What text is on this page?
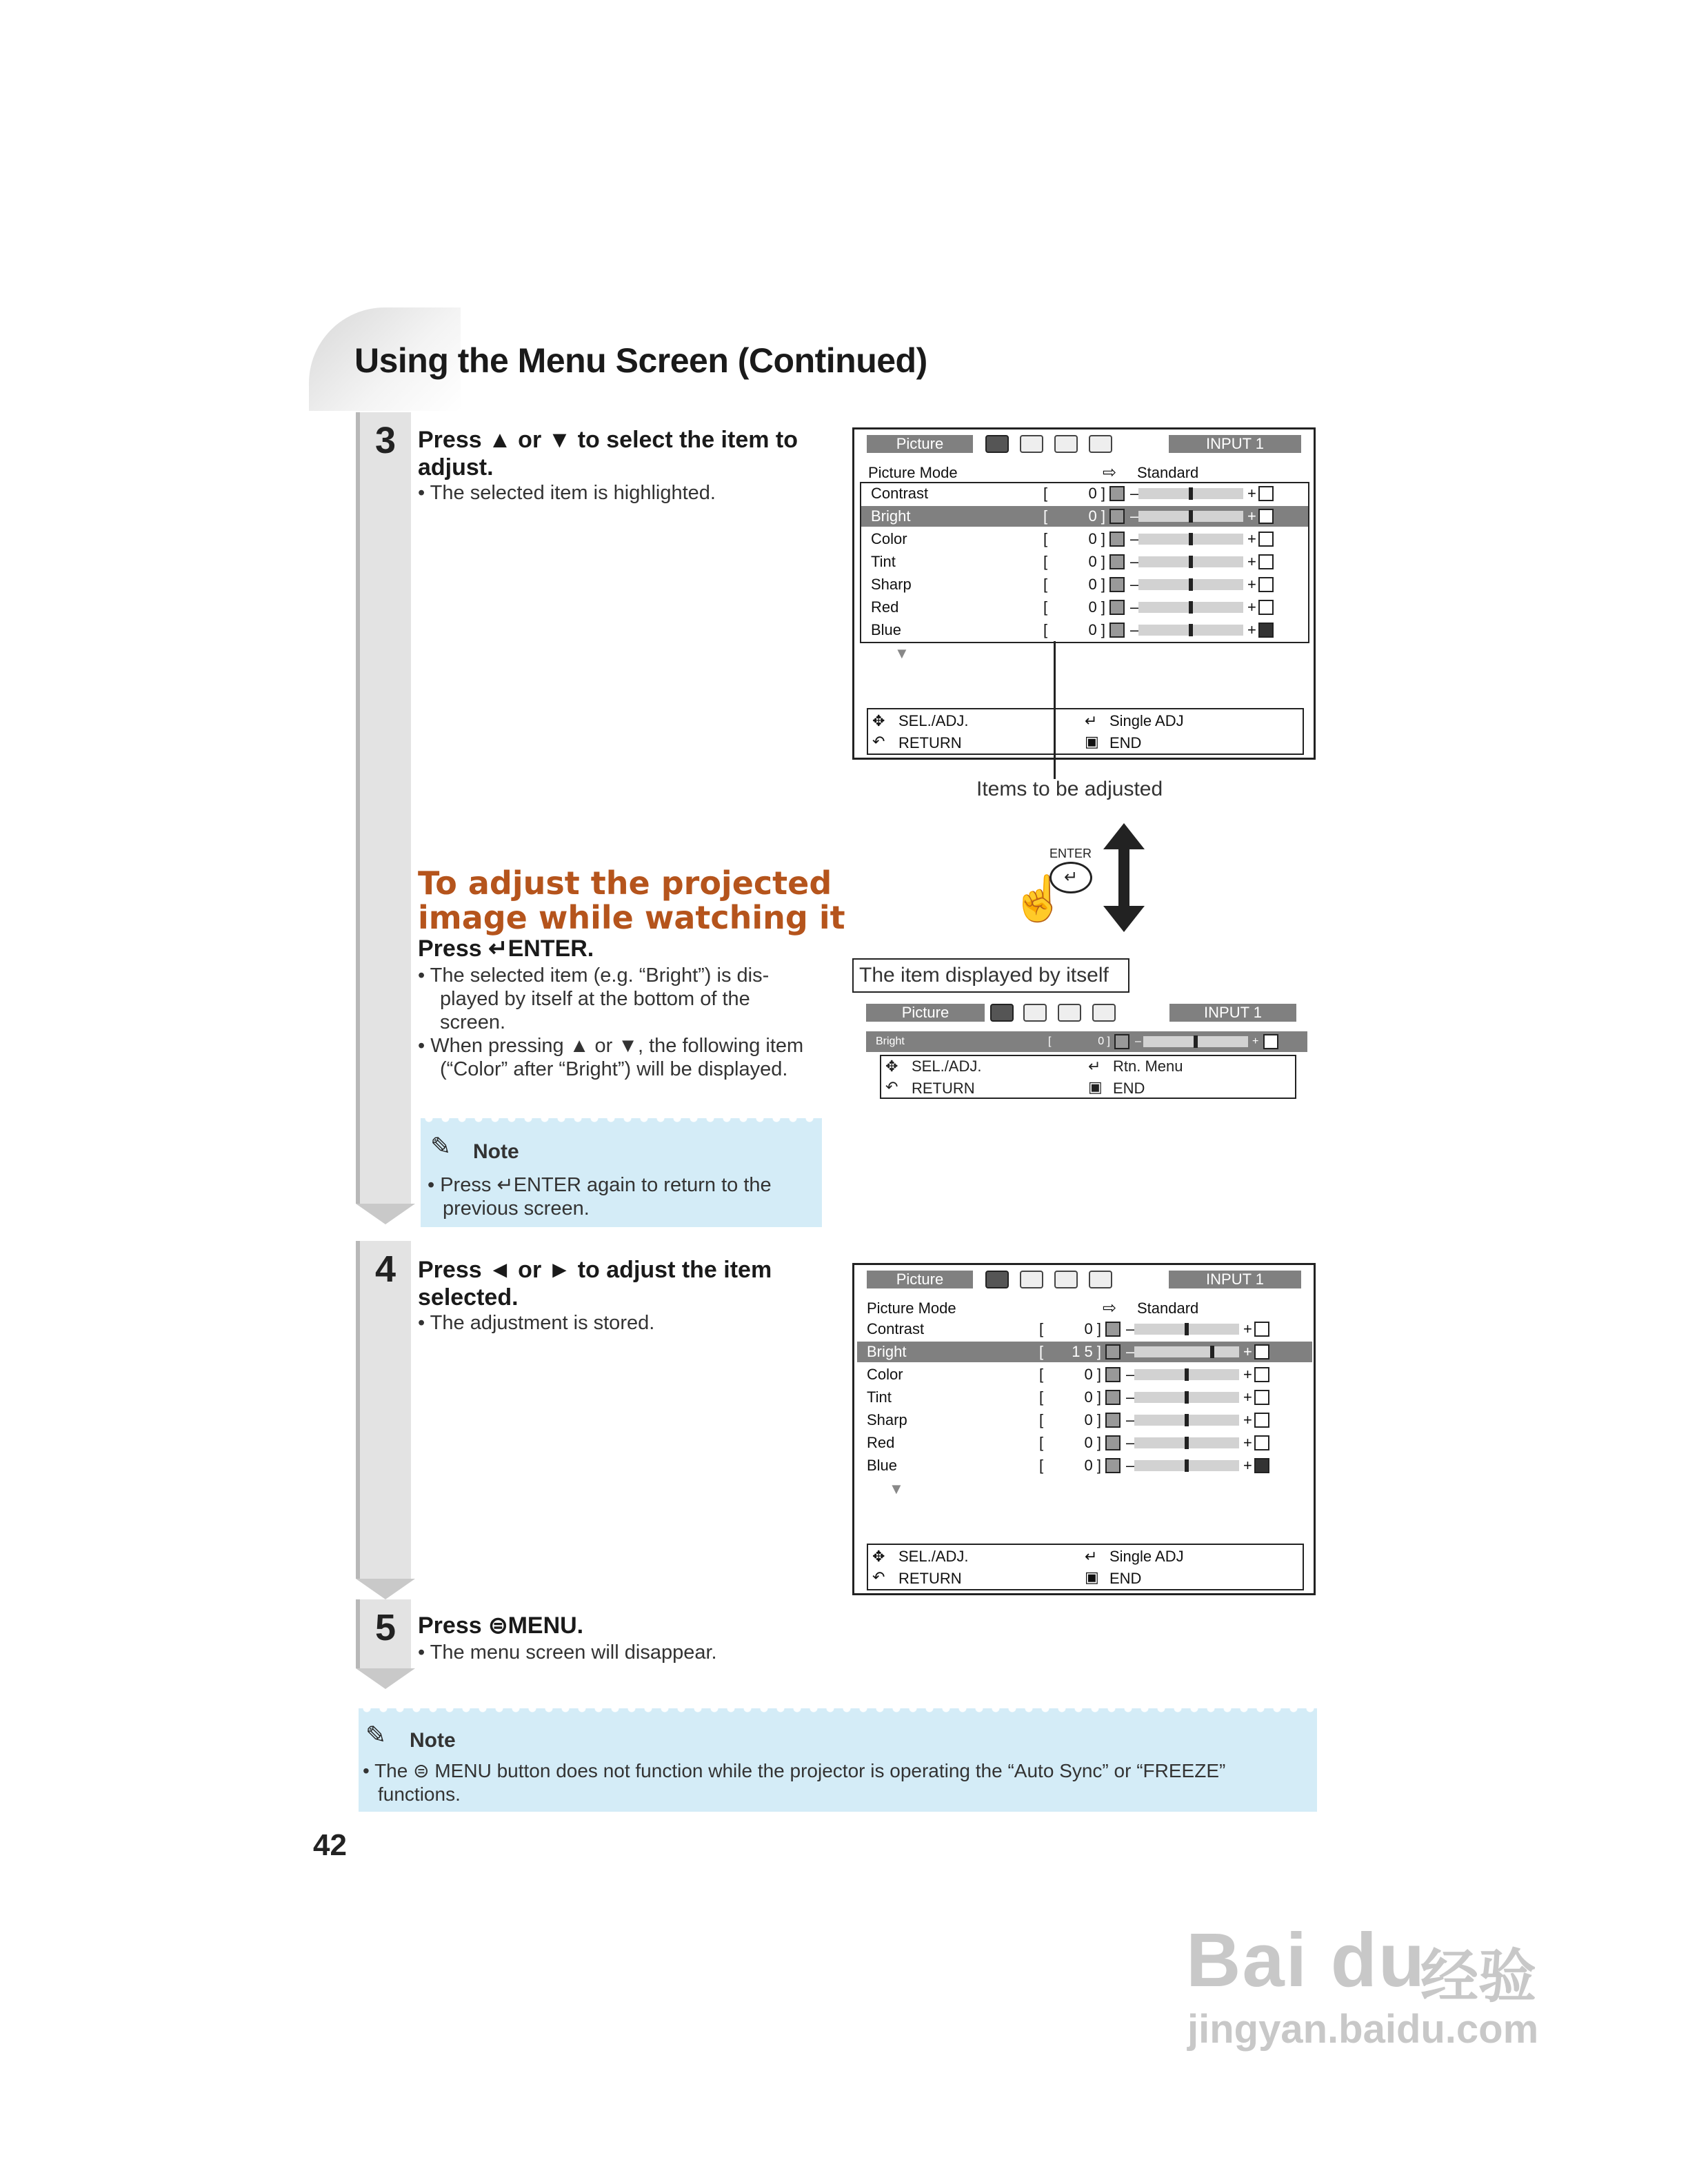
Using the Menu Screen (Continued)
3
4
5
Press ▲ or ▼ to select the item to
adjust.
• The selected item is highlighted.
To adjust the projected
image while watching it
Press ↵ENTER.
• The selected item (e.g. “Bright”) is dis-
played by itself at the bottom of the
screen.
• When pressing ▲ or ▼, the following item
(“Color” after “Bright”) will be displayed.
✎ Note
• Press ↵ENTER again to return to the
previous screen.
Press ◄ or ► to adjust the item
selected.
• The adjustment is stored.
Press ⊜MENU.
• The menu screen will disappear.
✎ Note
• The ⊜ MENU button does not function while the projector is operating the “Auto Sync” or “FREEZE”
functions.
42
Picture	INPUT 1
Picture Mode	⇨ Standard
Contrast	[	0 ] –	+
Bright	[	0 ] –	+
Color	[	0 ] –	+
Tint	[	0 ] –	+
Sharp	[	0 ] –	+
Red	[	0 ] –	+
Blue	[	0 ] –	+
▼
✥ SEL./ADJ.
↶ RETURN
↵ Single ADJ
▣ END
Items to be adjusted
ENTER
↵
☝
The item displayed by itself
Picture	INPUT 1
Bright	[	0 ] –	+
✥ SEL./ADJ.
↶ RETURN
↵ Rtn. Menu
▣ END
Picture	INPUT 1
Picture Mode	⇨ Standard
Contrast	[	0 ] –	+
Bright	[	1 5 ] –	+
Color	[	0 ] –	+
Tint	[	0 ] –	+
Sharp	[	0 ] –	+
Red	[	0 ] –	+
Blue	[	0 ] –	+
▼
✥ SEL./ADJ.
↶ RETURN
↵ Single ADJ
▣ END
Bai du
经验
jingyan.baidu.com
